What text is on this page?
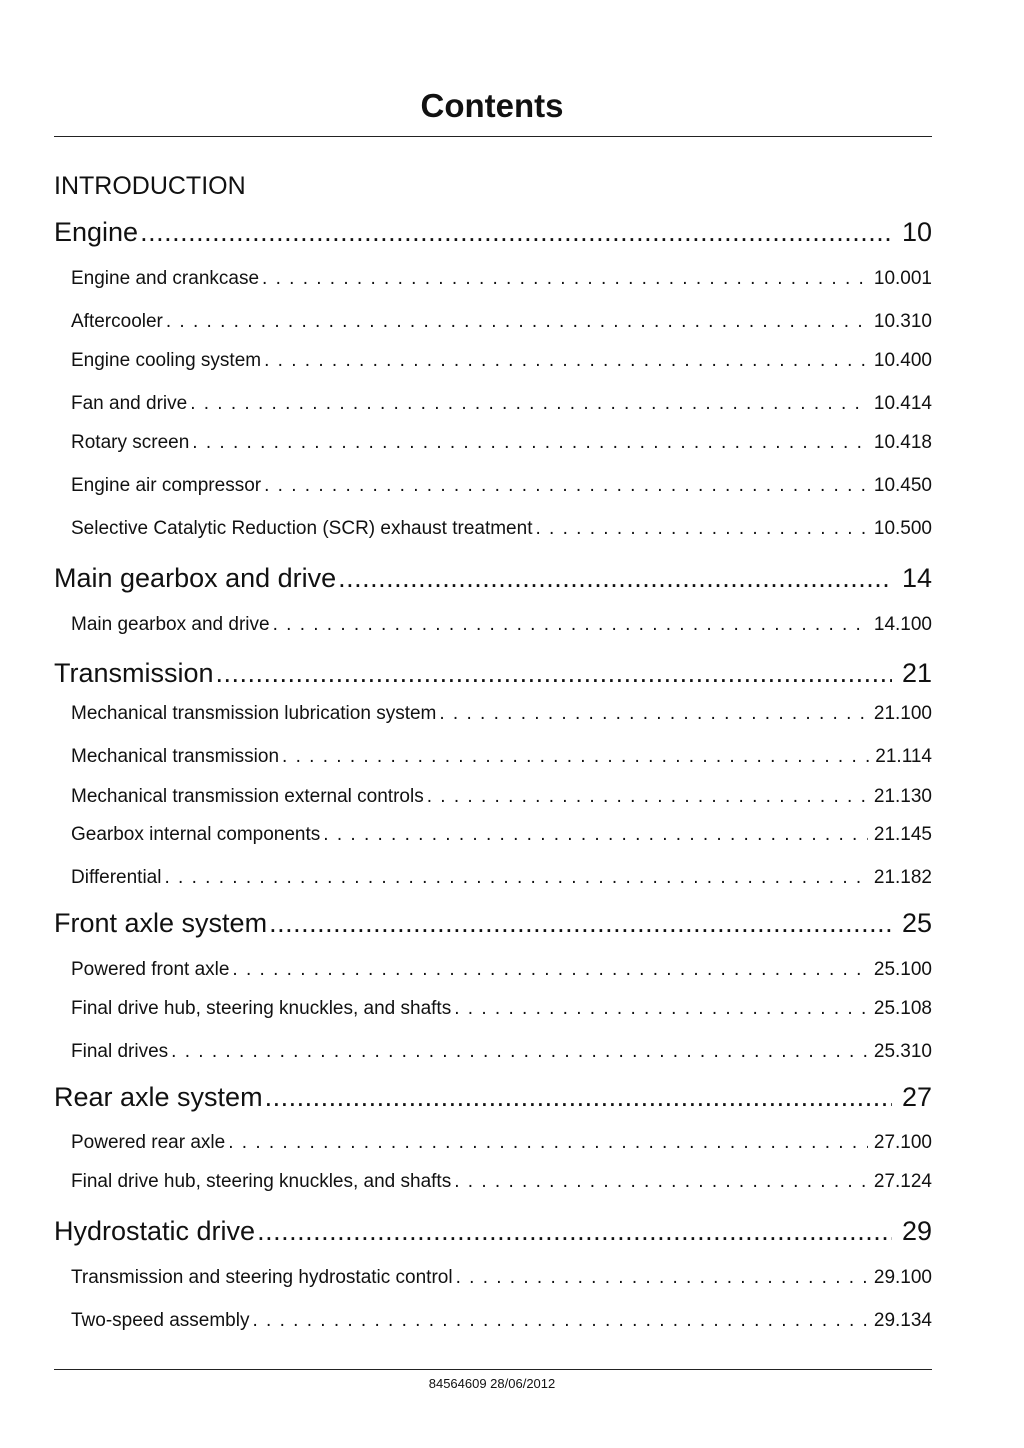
Contents
INTRODUCTION
Engine .....	10
Engine and crankcase . . .	10.001
Aftercooler . . .	10.310
Engine cooling system . . .	10.400
Fan and drive . . .	10.414
Rotary screen . . .	10.418
Engine air compressor . . .	10.450
Selective Catalytic Reduction (SCR) exhaust treatment . . .	10.500
Main gearbox and drive .....	14
Main gearbox and drive . . .	14.100
Transmission .....	21
Mechanical transmission lubrication system . . .	21.100
Mechanical transmission . . .	21.114
Mechanical transmission external controls . . .	21.130
Gearbox internal components . . .	21.145
Differential . . .	21.182
Front axle system .....	25
Powered front axle . . .	25.100
Final drive hub, steering knuckles, and shafts . . .	25.108
Final drives . . .	25.310
Rear axle system .....	27
Powered rear axle . . .	27.100
Final drive hub, steering knuckles, and shafts . . .	27.124
Hydrostatic drive .....	29
Transmission and steering hydrostatic control . . .	29.100
Two-speed assembly . . .	29.134
84564609 28/06/2012
